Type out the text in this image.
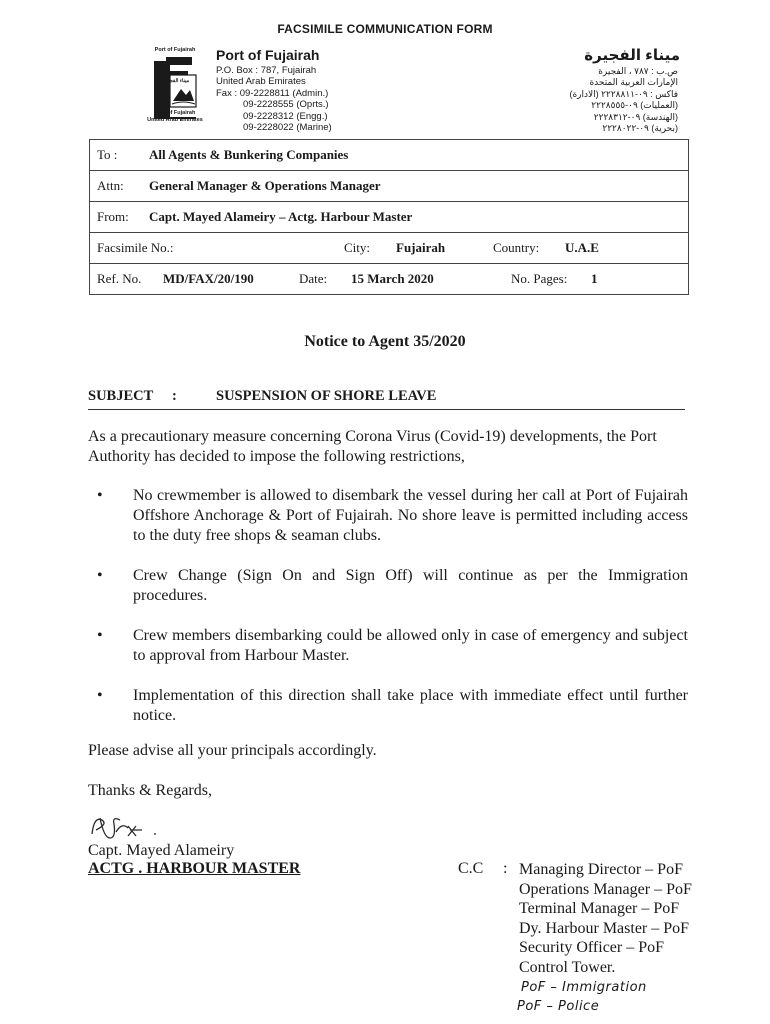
FACSIMILE COMMUNICATION FORM
Port of Fujairah
ميناء الفجيرة
Port of Fujairah
United Arab Emirates
Port of Fujairah
P.O. Box : 787, Fujairah
United Arab Emirates
Fax : 09-2228811 (Admin.)
09-2228555 (Oprts.)
09-2228312 (Engg.)
09-2228022 (Marine)
ميناء الفجيرة
ص.ب : ٧٨٧ ، الفجيرة
الإمارات العربية المتحدة
فاكس : ٠٩-٢٢٢٨٨١١ (الادارة)
(العمليات) ٠٩-٢٢٢٨٥٥٥
(الهندسة) ٠٩-٢٢٢٨٣١٢
(بحرية) ٠٩-٢٢٢٨٠٢٢
To : All Agents & Bunkering Companies
Attn: General Manager & Operations Manager
From: Capt. Mayed Alameiry – Actg. Harbour Master
Facsimile No.:	City: Fujairah	Country: U.A.E
Ref. No. MD/FAX/20/190	Date: 15 March 2020	No. Pages: 1
Notice to Agent 35/2020
SUBJECT :	SUSPENSION OF SHORE LEAVE
As a precautionary measure concerning Corona Virus (Covid-19) developments, the Port Authority has decided to impose the following restrictions,
• No crewmember is allowed to disembark the vessel during her call at Port of Fujairah Offshore Anchorage & Port of Fujairah. No shore leave is permitted including access to the duty free shops & seaman clubs.
• Crew Change (Sign On and Sign Off) will continue as per the Immigration procedures.
• Crew members disembarking could be allowed only in case of emergency and subject to approval from Harbour Master.
• Implementation of this direction shall take place with immediate effect until further notice.
Please advise all your principals accordingly.
Thanks & Regards,
Capt. Mayed Alameiry
ACTG . HARBOUR MASTER	C.C : Managing Director – PoF
Operations Manager – PoF
Terminal Manager – PoF
Dy. Harbour Master – PoF
Security Officer – PoF
Control Tower.
PoF – Immigration
PoF – Police
